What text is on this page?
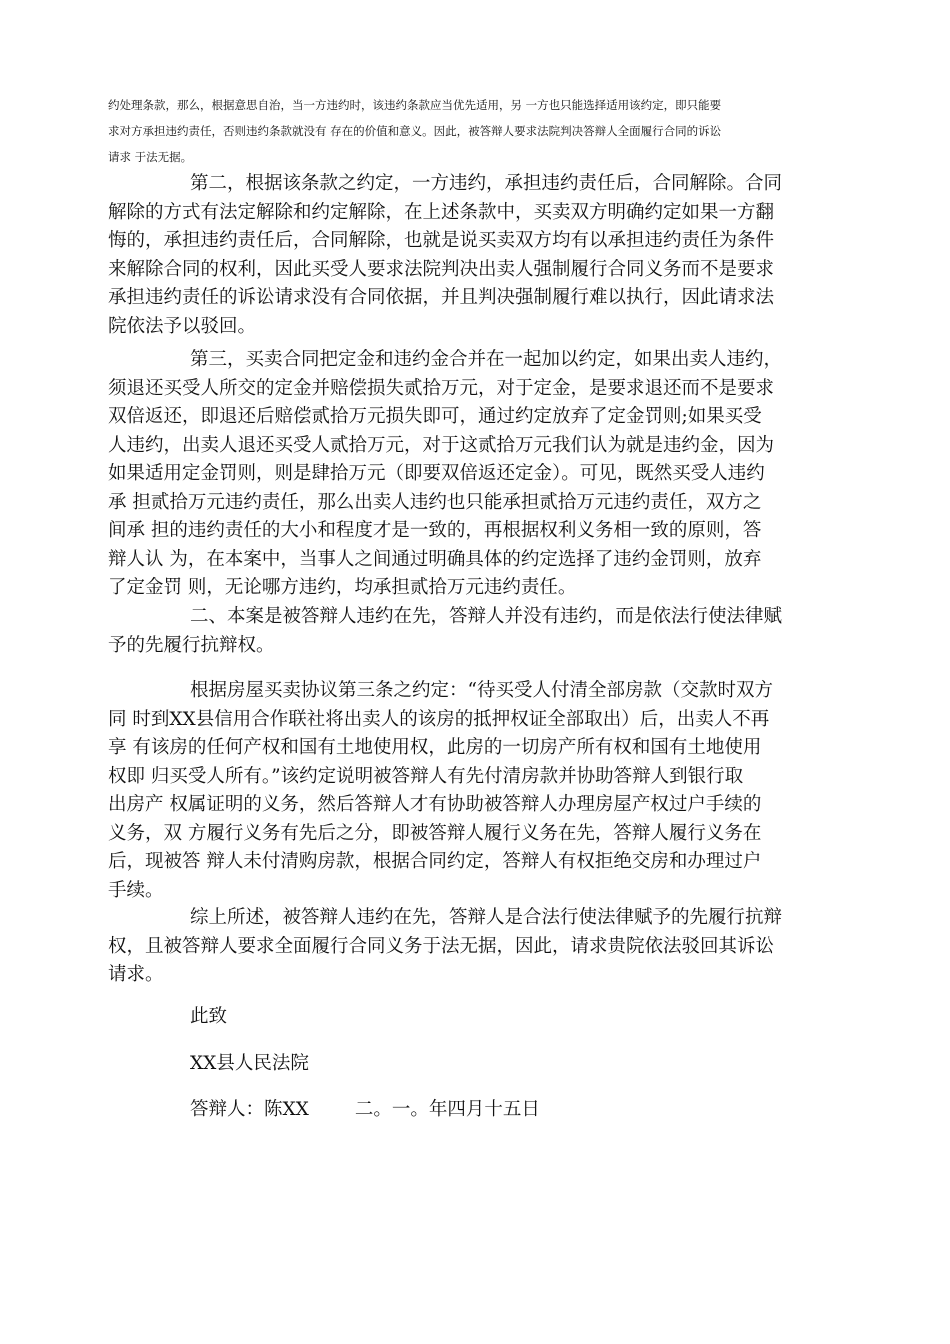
约处理条款，那么，根据意思自治，当一方违约时，该违约条款应当优先适用，另 一方也只能选择适用该约定，即只能要
求对方承担违约责任，否则违约条款就没有 存在的价值和意义。因此，被答辩人要求法院判决答辩人全面履行合同的诉讼
请求 于法无据。

第二，根据该条款之约定，一方违约，承担违约责任后，合同解除。合同
解除的方式有法定解除和约定解除，在上述条款中，买卖双方明确约定如果一方翻
悔的，承担违约责任后，合同解除，也就是说买卖双方均有以承担违约责任为条件
来解除合同的权利，因此买受人要求法院判决出卖人强制履行合同义务而不是要求
承担违约责任的诉讼请求没有合同依据，并且判决强制履行难以执行，因此请求法
院依法予以驳回。

第三，买卖合同把定金和违约金合并在一起加以约定，如果出卖人违约，
须退还买受人所交的定金并赔偿损失贰拾万元，对于定金，是要求退还而不是要求
双倍返还，即退还后赔偿贰拾万元损失即可，通过约定放弃了定金罚则;如果买受
人违约，出卖人退还买受人贰拾万元，对于这贰拾万元我们认为就是违约金，因为
如果适用定金罚则，则是肆拾万元（即要双倍返还定金）。可见，既然买受人违约
承 担贰拾万元违约责任，那么出卖人违约也只能承担贰拾万元违约责任，双方之
间承 担的违约责任的大小和程度才是一致的，再根据权利义务相一致的原则，答
辩人认 为，在本案中，当事人之间通过明确具体的约定选择了违约金罚则，放弃
了定金罚 则，无论哪方违约，均承担贰拾万元违约责任。

二、本案是被答辩人违约在先，答辩人并没有违约，而是依法行使法律赋
予的先履行抗辩权。

根据房屋买卖协议第三条之约定：“待买受人付清全部房款（交款时双方
同 时到XX县信用合作联社将出卖人的该房的抵押权证全部取出）后，出卖人不再
享 有该房的任何产权和国有土地使用权，此房的一切房产所有权和国有土地使用
权即 归买受人所有。”该约定说明被答辩人有先付清房款并协助答辩人到银行取
出房产 权属证明的义务，然后答辩人才有协助被答辩人办理房屋产权过户手续的
义务，双 方履行义务有先后之分，即被答辩人履行义务在先，答辩人履行义务在
后，现被答 辩人未付清购房款，根据合同约定，答辩人有权拒绝交房和办理过户
手续。

综上所述，被答辩人违约在先，答辩人是合法行使法律赋予的先履行抗辩
权，且被答辩人要求全面履行合同义务于法无据，因此，请求贵院依法驳回其诉讼
请求。

此致

XX县人民法院

答辩人：陈XX 二。一。年四月十五日
